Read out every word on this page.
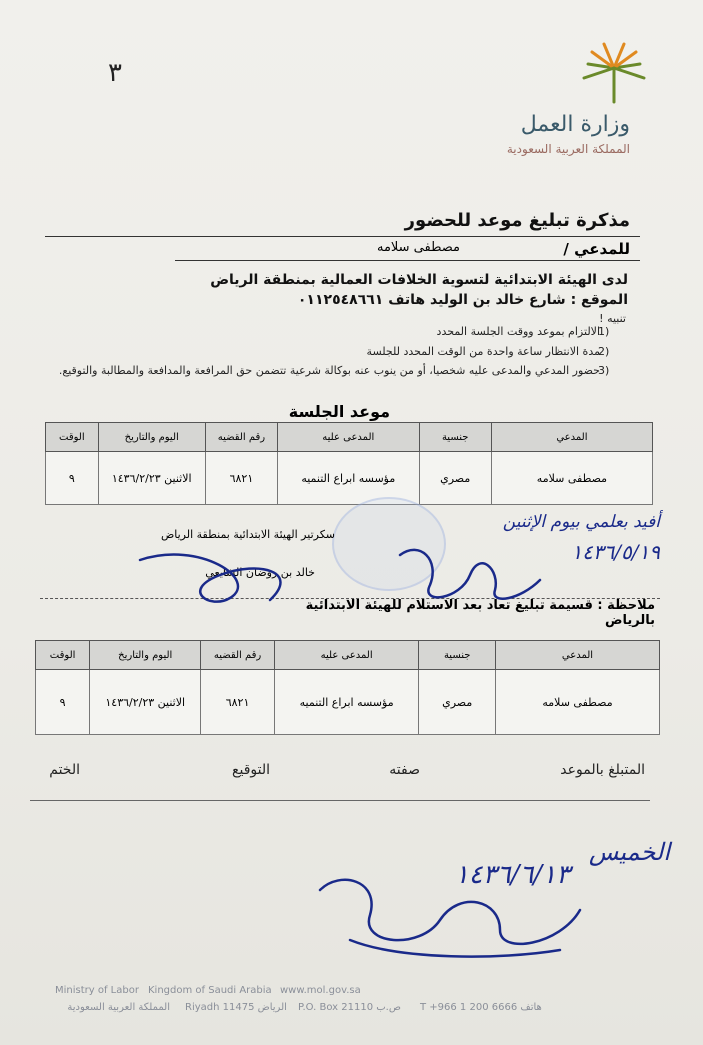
٣
وزارة العمل
المملكة العربية السعودية
مذكرة تبليغ موعد للحضور
للمدعي /
مصطفى سلامه
لدى الهيئة الابتدائية لتسوية الخلافات العمالية بمنطقة الرياض
الموقع : شارع خالد بن الوليد هاتف ٠١١٢٥٤٨٦٦١
تنبيه !
الالتزام بموعد ووقت الجلسة المحدد
1)
مدة الانتظار ساعة واحدة من الوقت المحدد للجلسة
2)
حضور المدعي والمدعى عليه شخصيا، أو من ينوب عنه بوكالة شرعية تتضمن حق المرافعة والمدافعة والمطالبة والتوقيع.
3)
موعد الجلسة
المدعي	جنسية	المدعى عليه	رقم القضيه	اليوم والتاريخ	الوقت
مصطفى سلامه	مصري	مؤسسه ابراع التنميه	٦٨٢١	الاثنين ١٤٣٦/٢/٢٣	٩
سكرتير الهيئة الابتدائية بمنطقة الرياض
خالد بن روضان الشايعي
أفيد بعلمي بيوم الإثنين
١٤٣٦/٥/١٩
ملاحظة : قسيمة تبليغ تعاد بعد الاستلام للهيئة الابتدائية بالرياض
المدعي	جنسية	المدعى عليه	رقم القضيه	اليوم والتاريخ	الوقت
مصطفى سلامه	مصري	مؤسسه ابراع التنميه	٦٨٢١	الاثنين ١٤٣٦/٢/٢٣	٩
المتبلغ بالموعد
صفته
التوقيع
الختم
الخميس
١٤٣٦/٦/١٣
Ministry of Labor Kingdom of Saudi Arabia www.mol.gov.sa
المملكة العربية السعودية Riyadh 11475 الرياض P.O. Box 21110 ص.ب T +966 1 200 6666 هاتف
